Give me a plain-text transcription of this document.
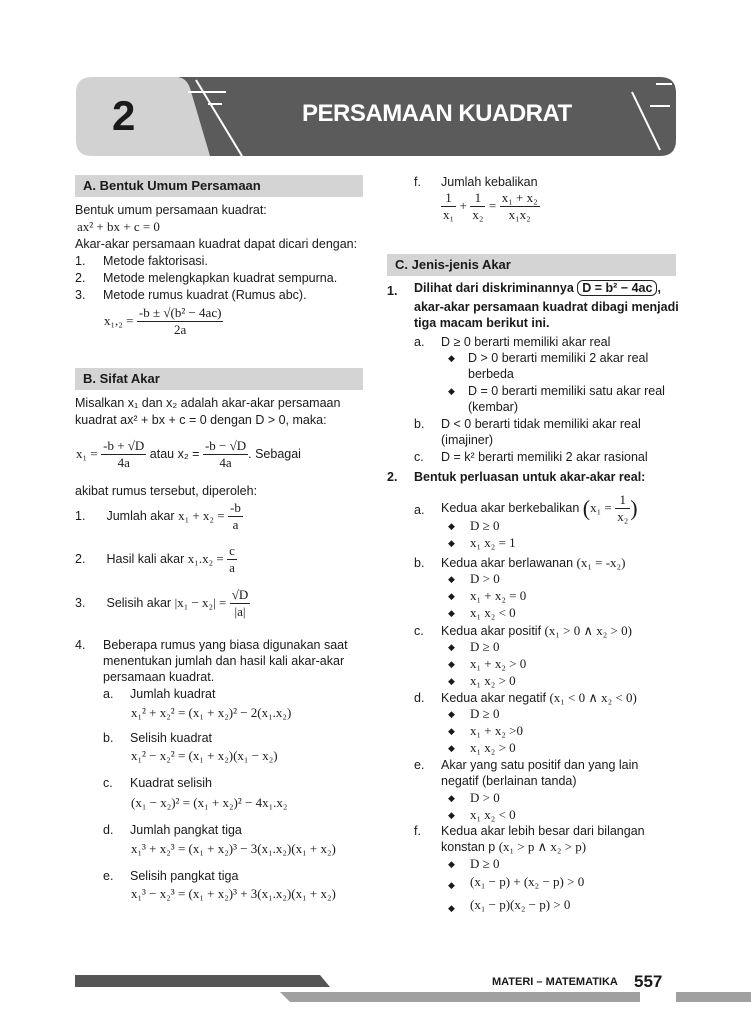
2	PERSAMAAN KUADRAT
A. Bentuk Umum Persamaan
Bentuk umum persamaan kuadrat:
ax² + bx + c = 0
Akar-akar persamaan kuadrat dapat dicari dengan:
1. Metode faktorisasi.
2. Metode melengkapkan kuadrat sempurna.
3. Metode rumus kuadrat (Rumus abc).
$x_1,_2 = \frac{\text{-b ± √(b² − 4ac)}}{2a}$
B. Sifat Akar
Misalkan x₁ dan x₂ adalah akar-akar persamaan
kuadrat ax² + bx + c = 0 dengan D > 0, maka:
$x_1 = \frac{-b + √D}{4a}$ atau $x_2 = \frac{-b - √D}{4a}$ . Sebagai
akibat rumus tersebut, diperoleh:
1. Jumlah akar $x_1 + x_2 = \frac{-b}{a}$
2. Hasil kali akar $x_1.x_2 = \frac{c}{a}$
3. Selisih akar $|x_1 - x_2| = \frac{√D}{|a|}$
4. Beberapa rumus yang biasa digunakan saat
menentukan jumlah dan hasil kali akar-akar
persamaan kuadrat.
a. Jumlah kuadrat
x₁² + x₂² = (x₁ + x₂)² − 2(x₁.x₂)
b. Selisih kuadrat
x₁² − x₂² = (x₁ + x₂)(x₁ − x₂)
c. Kuadrat selisih
(x₁ − x₂)² = (x₁ + x₂)² − 4x₁.x₂
d. Jumlah pangkat tiga
x₁³ + x₂³ = (x₁ + x₂)³ − 3(x₁.x₂)(x₁ + x₂)
e. Selisih pangkat tiga
x₁³ − x₂³ = (x₁ + x₂)³ + 3(x₁.x₂)(x₁ + x₂)
f. Jumlah kebalikan
$\frac{1}{\text{x₁}} + \frac{1}{\text{x₂}} = \frac{\text{x₁ + x₂}}{\text{x₁x₂}}$
C. Jenis-jenis Akar
1. Dilihat dari diskriminannya D = b² − 4ac ,
akar-akar persamaan kuadrat dibagi menjadi
tiga macam berikut ini.
a. D ≥ 0 berarti memiliki akar real
◆ D > 0 berarti memiliki 2 akar real
berbeda
◆ D = 0 berarti memiliki satu akar real
(kembar)
b. D < 0 berarti tidak memiliki akar real
(imajiner)
c. D = k² berarti memiliki 2 akar rasional
2. Bentuk perluasan untuk akar-akar real:
a. Kedua akar berkebalikan ($x_1 = \frac{1}{\text{x₂}}$ )
◆ D ≥ 0
◆ x₁ x₂ = 1
b. Kedua akar berlawanan (x₁ = -x₂)
◆ D > 0
◆ x₁ + x₂ = 0
◆ x₁ x₂ < 0
c. Kedua akar positif (x₁ > 0 ∧ x₂ > 0)
◆ D ≥ 0
◆ x₁ + x₂ > 0
◆ x₁ x₂ > 0
d. Kedua akar negatif (x₁ < 0 ∧ x₂ < 0)
◆ D ≥ 0
◆ x₁ + x₂ >0
◆ x₁ x₂ > 0
e. Akar yang satu positif dan yang lain
negatif (berlainan tanda)
◆ D > 0
◆ x₁ x₂ < 0
f. Kedua akar lebih besar dari bilangan
konstan p (x₁ > p ∧ x₂ > p)
◆ D ≥ 0
◆ (x₁ − p) + (x₂ − p) > 0
◆ (x₁ − p)(x₂ − p) > 0
MATERI – MATEMATIKA 557
